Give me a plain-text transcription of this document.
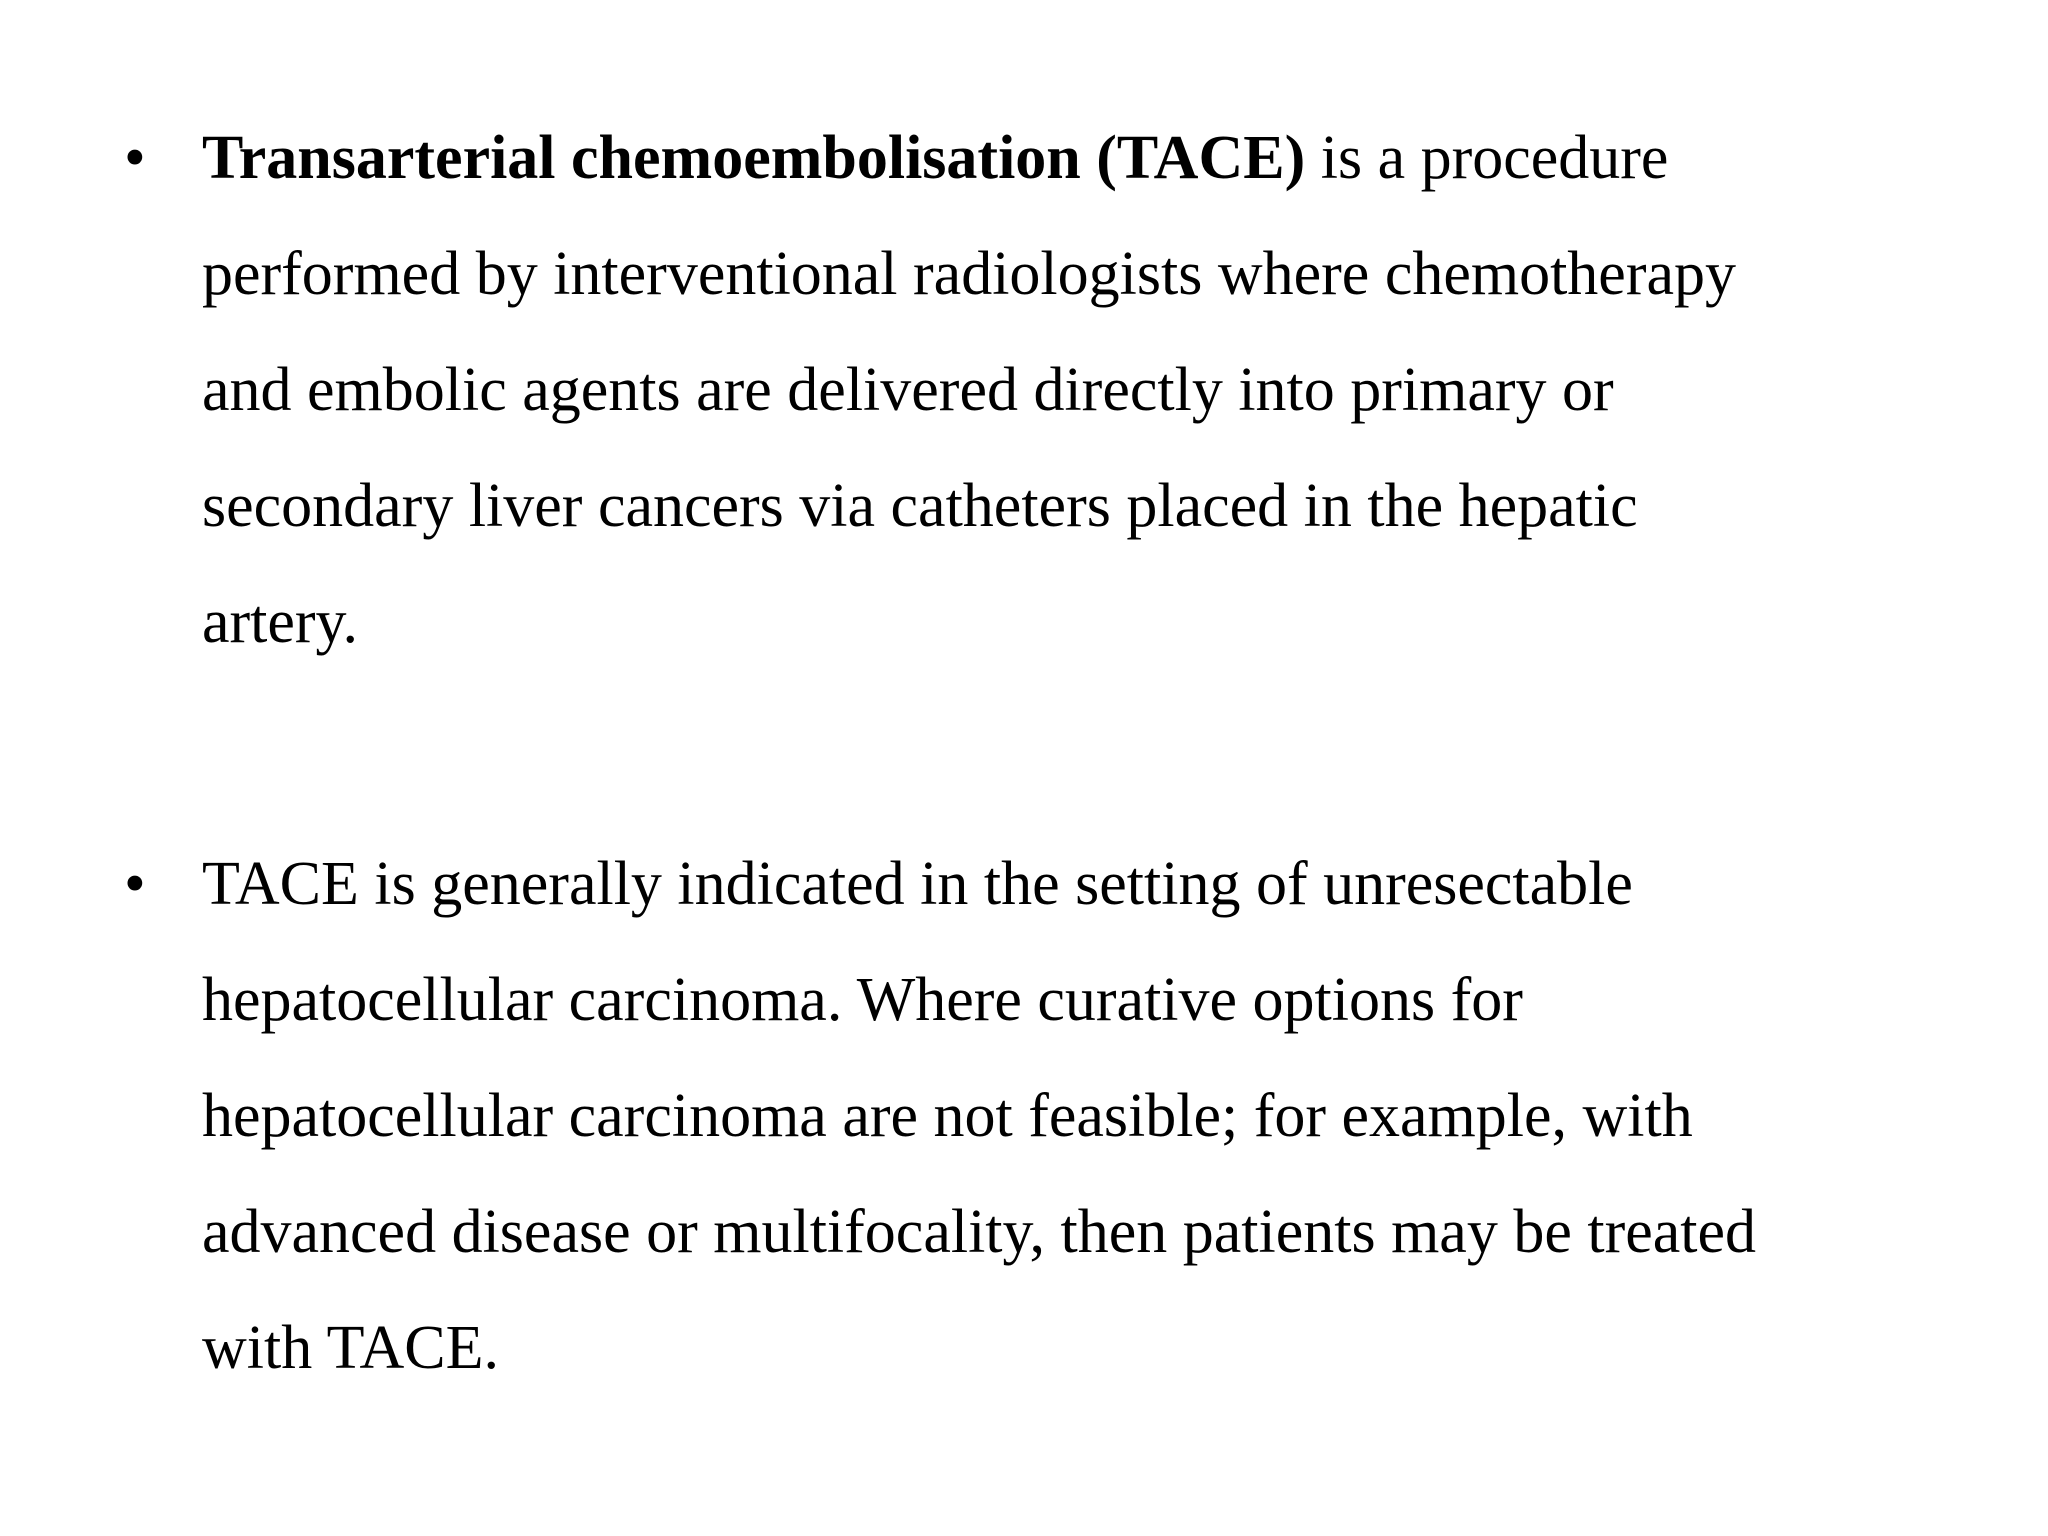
• Transarterial chemoembolisation (TACE) is a procedure
performed by interventional radiologists where chemotherapy
and embolic agents are delivered directly into primary or
secondary liver cancers via catheters placed in the hepatic
artery.

• TACE is generally indicated in the setting of unresectable
hepatocellular carcinoma. Where curative options for
hepatocellular carcinoma are not feasible; for example, with
advanced disease or multifocality, then patients may be treated
with TACE.
